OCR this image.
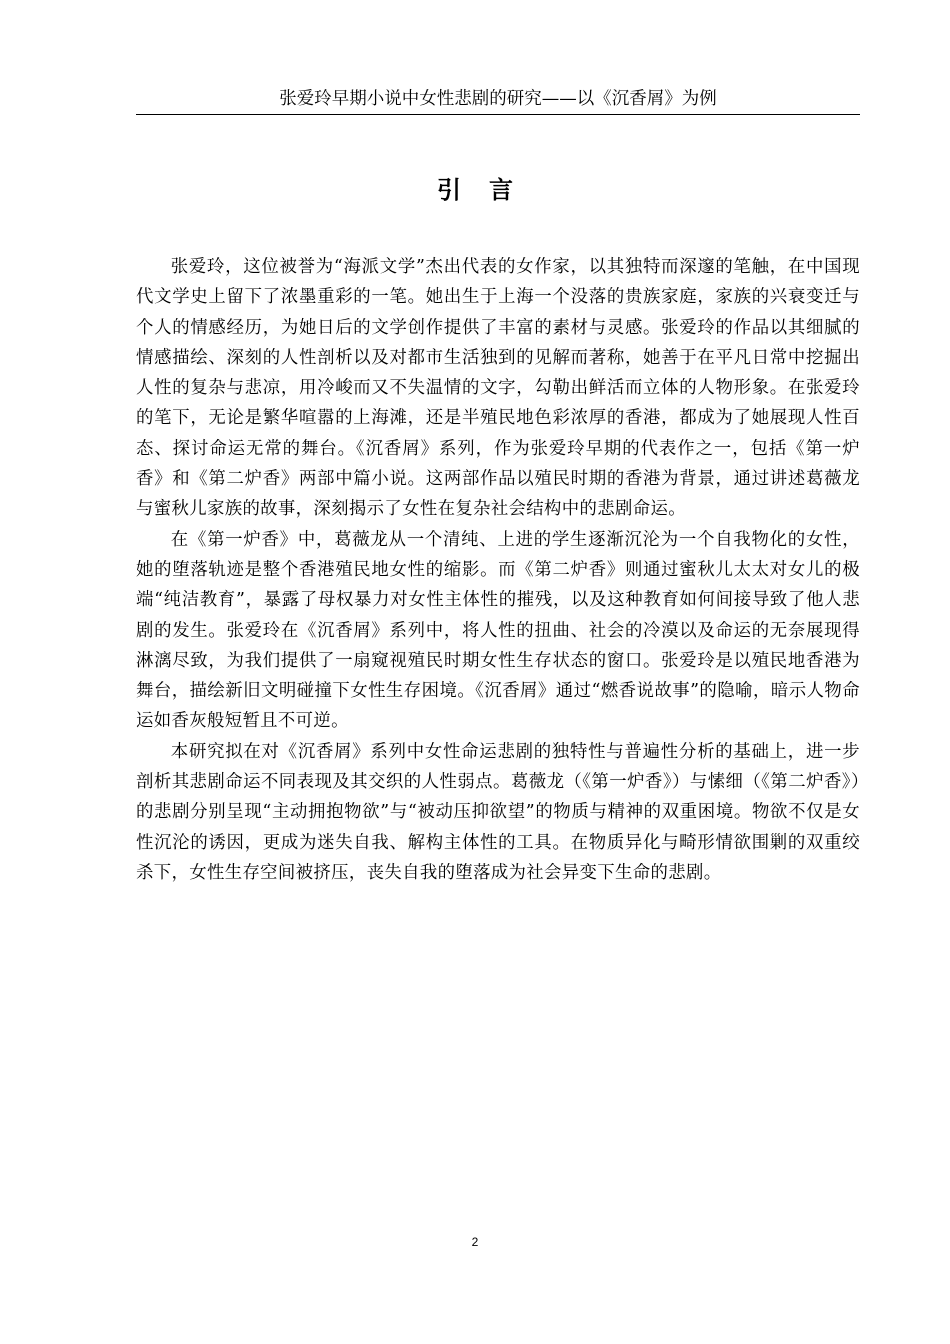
张爱玲早期小说中女性悲剧的研究——以《沉香屑》为例
引言

张爱玲，这位被誉为“海派文学”杰出代表的女作家，以其独特而深邃的笔触，在中国现代文学史上留下了浓墨重彩的一笔。她出生于上海一个没落的贵族家庭，家族的兴衰变迁与个人的情感经历，为她日后的文学创作提供了丰富的素材与灵感。张爱玲的作品以其细腻的情感描绘、深刻的人性剖析以及对都市生活独到的见解而著称，她善于在平凡日常中挖掘出人性的复杂与悲凉，用冷峻而又不失温情的文字，勾勒出鲜活而立体的人物形象。在张爱玲的笔下，无论是繁华喧嚣的上海滩，还是半殖民地色彩浓厚的香港，都成为了她展现人性百态、探讨命运无常的舞台。《沉香屑》系列，作为张爱玲早期的代表作之一，包括《第一炉香》和《第二炉香》两部中篇小说。这两部作品以殖民时期的香港为背景，通过讲述葛薇龙与蜜秋儿家族的故事，深刻揭示了女性在复杂社会结构中的悲剧命运。

在《第一炉香》中，葛薇龙从一个清纯、上进的学生逐渐沉沦为一个自我物化的女性，她的堕落轨迹是整个香港殖民地女性的缩影。而《第二炉香》则通过蜜秋儿太太对女儿的极端“纯洁教育”，暴露了母权暴力对女性主体性的摧残，以及这种教育如何间接导致了他人悲剧的发生。张爱玲在《沉香屑》系列中，将人性的扭曲、社会的冷漠以及命运的无奈展现得淋漓尽致，为我们提供了一扇窥视殖民时期女性生存状态的窗口。张爱玲是以殖民地香港为舞台，描绘新旧文明碰撞下女性生存困境。《沉香屑》通过“燃香说故事”的隐喻，暗示人物命运如香灰般短暂且不可逆。

本研究拟在对《沉香屑》系列中女性命运悲剧的独特性与普遍性分析的基础上，进一步剖析其悲剧命运不同表现及其交织的人性弱点。葛薇龙（《第一炉香》）与愫细（《第二炉香》）的悲剧分别呈现“主动拥抱物欲”与“被动压抑欲望”的物质与精神的双重困境。物欲不仅是女性沉沦的诱因，更成为迷失自我、解构主体性的工具。在物质异化与畸形情欲围剿的双重绞杀下，女性生存空间被挤压，丧失自我的堕落成为社会异变下生命的悲剧。

2
